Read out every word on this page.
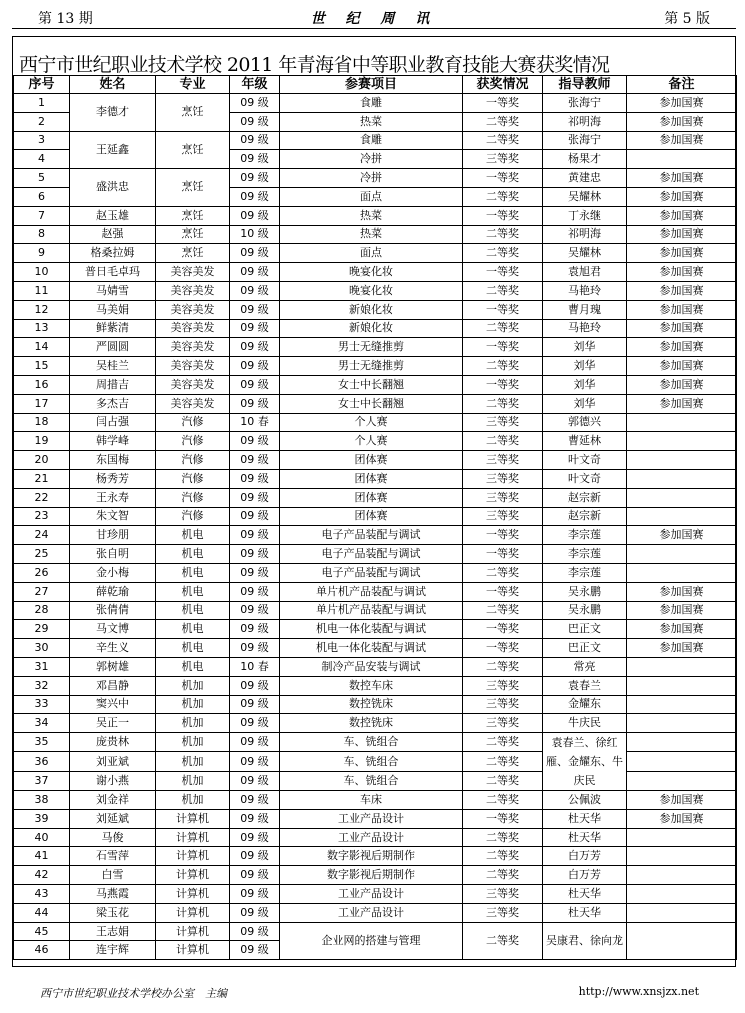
第 13 期	世 纪 周 讯	第 5 版
西宁市世纪职业技术学校 2011 年青海省中等职业教育技能大赛获奖情况
序号	姓名	专业	年级	参赛项目	获奖情况	指导教师	备注
1	李德才	烹饪	09 级	食雕	一等奖	张海宁	参加国赛
2			09 级	热菜	二等奖	祁明海	参加国赛
3	王延鑫	烹饪	09 级	食雕	二等奖	张海宁	参加国赛
4			09 级	冷拼	三等奖	杨果才	
5	盛洪忠	烹饪	09 级	冷拼	一等奖	黄建忠	参加国赛
6			09 级	面点	二等奖	吴耀林	参加国赛
7	赵玉雄	烹饪	09 级	热菜	一等奖	丁永继	参加国赛
8	赵强	烹饪	10 级	热菜	二等奖	祁明海	参加国赛
9	格桑拉姆	烹饪	09 级	面点	二等奖	吴耀林	参加国赛
10	普日毛卓玛	美容美发	09 级	晚宴化妆	一等奖	袁旭君	参加国赛
11	马婧雪	美容美发	09 级	晚宴化妆	二等奖	马艳玲	参加国赛
12	马美娟	美容美发	09 级	新娘化妆	一等奖	曹月瑰	参加国赛
13	鲜紫清	美容美发	09 级	新娘化妆	二等奖	马艳玲	参加国赛
14	严圆圆	美容美发	09 级	男士无缝推剪	一等奖	刘华	参加国赛
15	吴桂兰	美容美发	09 级	男士无缝推剪	二等奖	刘华	参加国赛
16	周措吉	美容美发	09 级	女士中长翻翘	一等奖	刘华	参加国赛
17	多杰吉	美容美发	09 级	女士中长翻翘	二等奖	刘华	参加国赛
18	闫占强	汽修	10 春	个人赛	三等奖	郭德兴	
19	韩学峰	汽修	09 级	个人赛	二等奖	曹延林	
20	东国梅	汽修	09 级	团体赛	三等奖	叶文奇	
21	杨秀芳	汽修	09 级	团体赛	三等奖	叶文奇	
22	王永寿	汽修	09 级	团体赛	三等奖	赵宗新	
23	朱文智	汽修	09 级	团体赛	三等奖	赵宗新	
24	甘珍朋	机电	09 级	电子产品装配与调试	一等奖	李宗莲	参加国赛
25	张自明	机电	09 级	电子产品装配与调试	一等奖	李宗莲	
26	金小梅	机电	09 级	电子产品装配与调试	二等奖	李宗莲	
27	薛乾瑜	机电	09 级	单片机产品装配与调试	一等奖	吴永鹏	参加国赛
28	张倩倩	机电	09 级	单片机产品装配与调试	二等奖	吴永鹏	参加国赛
29	马文博	机电	09 级	机电一体化装配与调试	一等奖	巴正文	参加国赛
30	辛生义	机电	09 级	机电一体化装配与调试	一等奖	巴正文	参加国赛
31	郭树雄	机电	10 春	制冷产品安装与调试	二等奖	常亮	
32	邓昌静	机加	09 级	数控车床	三等奖	袁春兰	
33	窦兴中	机加	09 级	数控铣床	三等奖	金耀东	
34	吴正一	机加	09 级	数控铣床	三等奖	牛庆民	
35	庞贵林	机加	09 级	车、铣组合	二等奖	袁春兰、徐红雁、金耀东、牛庆民	
36	刘亚斌	机加	09 级	车、铣组合	二等奖		
37	谢小燕	机加	09 级	车、铣组合	二等奖		
38	刘金祥	机加	09 级	车床	二等奖	公佩波	参加国赛
39	刘延斌	计算机	09 级	工业产品设计	一等奖	杜天华	参加国赛
40	马俊	计算机	09 级	工业产品设计	二等奖	杜天华	
41	石雪萍	计算机	09 级	数字影视后期制作	二等奖	白万芳	
42	白雪	计算机	09 级	数字影视后期制作	二等奖	白万芳	
43	马燕霞	计算机	09 级	工业产品设计	三等奖	杜天华	
44	梁玉花	计算机	09 级	工业产品设计	三等奖	杜天华	
45	王志娟	计算机	09 级	企业网的搭建与管理	二等奖	吴康君、徐向龙	
46	连宇辉	计算机	09 级				
西宁市世纪职业技术学校办公室　主编	http://www.xnsjzx.net
